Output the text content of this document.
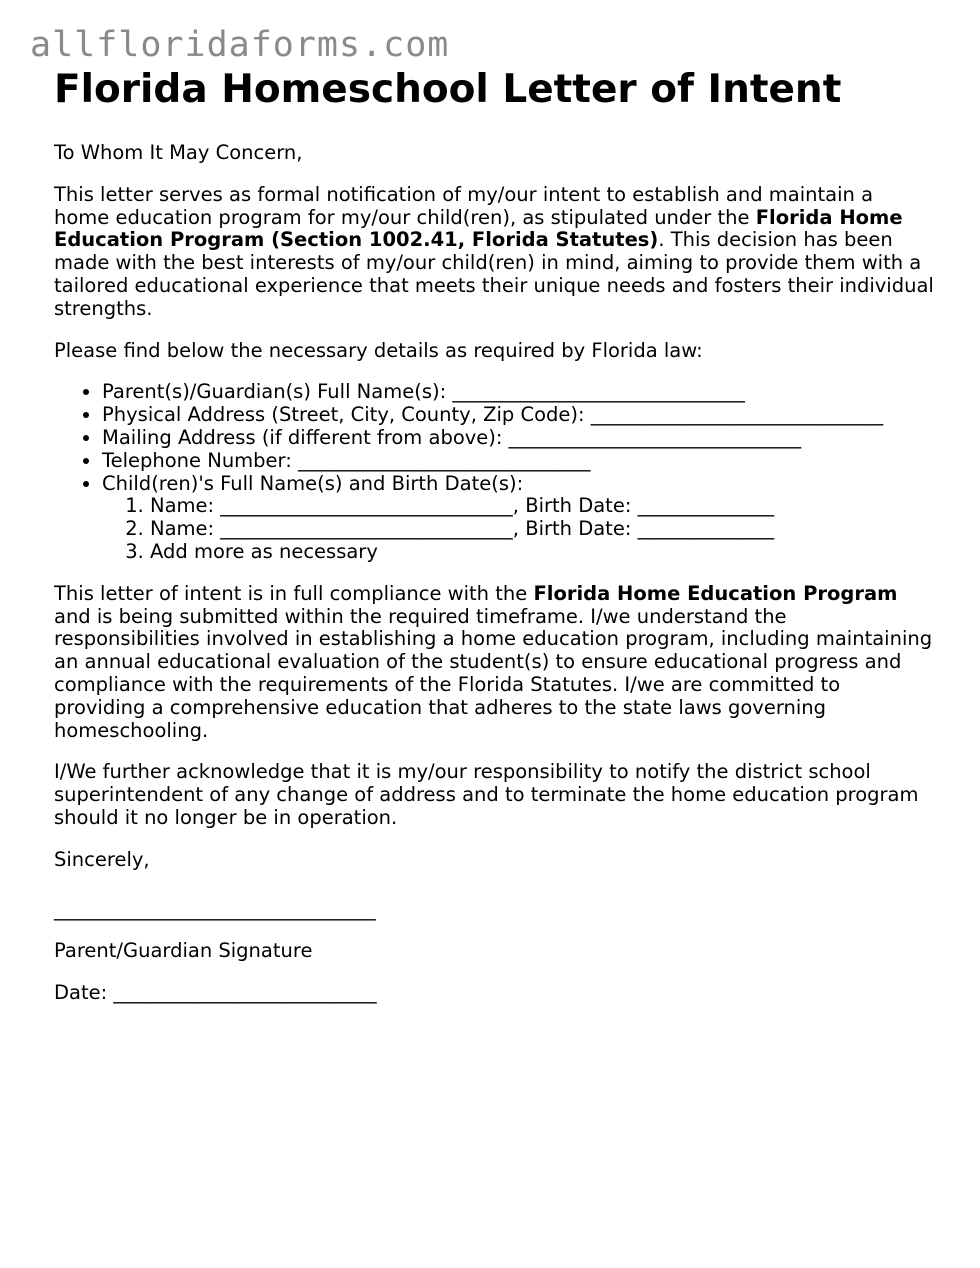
allfloridaforms.com
Florida Homeschool Letter of Intent

To Whom It May Concern,

This letter serves as formal notification of my/our intent to establish and maintain a home education program for my/our child(ren), as stipulated under the Florida Home Education Program (Section 1002.41, Florida Statutes). This decision has been made with the best interests of my/our child(ren) in mind, aiming to provide them with a tailored educational experience that meets their unique needs and fosters their individual strengths.

Please find below the necessary details as required by Florida law:

• Parent(s)/Guardian(s) Full Name(s): ______________________________
• Physical Address (Street, City, County, Zip Code): ______________________________
• Mailing Address (if different from above): ______________________________
• Telephone Number: ______________________________
• Child(ren)'s Full Name(s) and Birth Date(s):
1. Name: ______________________________, Birth Date: ______________
2. Name: ______________________________, Birth Date: ______________
3. Add more as necessary

This letter of intent is in full compliance with the Florida Home Education Program and is being submitted within the required timeframe. I/we understand the responsibilities involved in establishing a home education program, including maintaining an annual educational evaluation of the student(s) to ensure educational progress and compliance with the requirements of the Florida Statutes. I/we are committed to providing a comprehensive education that adheres to the state laws governing homeschooling.

I/We further acknowledge that it is my/our responsibility to notify the district school superintendent of any change of address and to terminate the home education program should it no longer be in operation.

Sincerely,

_________________________________

Parent/Guardian Signature

Date: ___________________________
